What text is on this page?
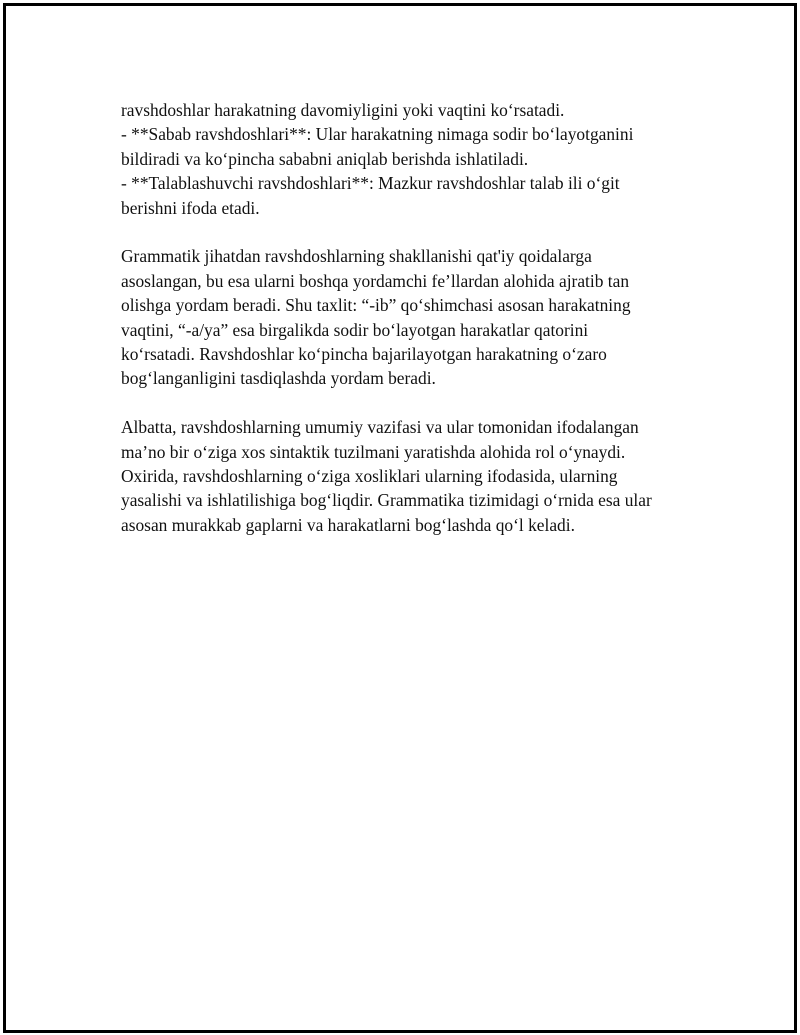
ravshdoshlar harakatning davomiyligini yoki vaqtini ko‘rsatadi.
- **Sabab ravshdoshlari**: Ular harakatning nimaga sodir bo‘layotganini
bildiradi va ko‘pincha sababni aniqlab berishda ishlatiladi.
- **Talablashuvchi ravshdoshlari**: Mazkur ravshdoshlar talab ili o‘git
berishni ifoda etadi.

Grammatik jihatdan ravshdoshlarning shakllanishi qat'iy qoidalarga
asoslangan, bu esa ularni boshqa yordamchi fe’llardan alohida ajratib tan
olishga yordam beradi. Shu taxlit: “-ib” qo‘shimchasi asosan harakatning
vaqtini, “-a/ya” esa birgalikda sodir bo‘layotgan harakatlar qatorini
ko‘rsatadi. Ravshdoshlar ko‘pincha bajarilayotgan harakatning o‘zaro
bog‘langanligini tasdiqlashda yordam beradi.

Albatta, ravshdoshlarning umumiy vazifasi va ular tomonidan ifodalangan
ma’no bir o‘ziga xos sintaktik tuzilmani yaratishda alohida rol o‘ynaydi.
Oxirida, ravshdoshlarning o‘ziga xosliklari ularning ifodasida, ularning
yasalishi va ishlatilishiga bog‘liqdir. Grammatika tizimidagi o‘rnida esa ular
asosan murakkab gaplarni va harakatlarni bog‘lashda qo‘l keladi.
